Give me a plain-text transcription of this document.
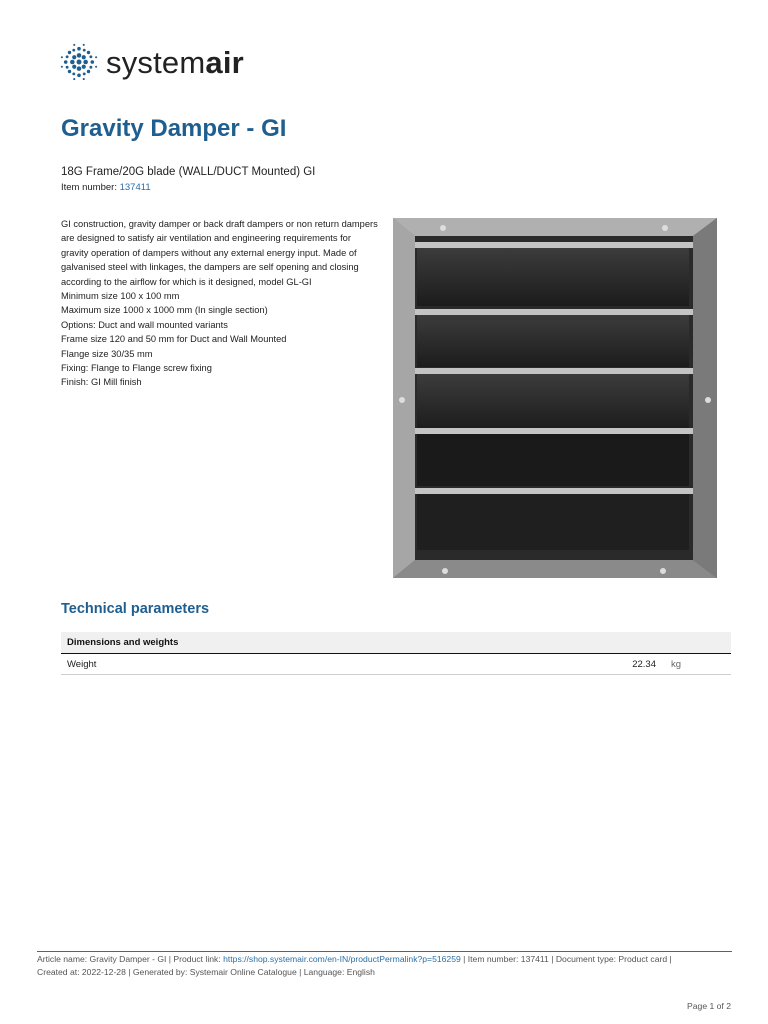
systemair
Gravity Damper - GI
18G Frame/20G blade (WALL/DUCT Mounted) GI
Item number: 137411

GI construction, gravity damper or back draft dampers or non return dampers are designed to satisfy air ventilation and engineering requirements for gravity operation of dampers without any external energy input. Made of galvanised steel with linkages, the dampers are self opening and closing according to the airflow for which is it designed, model GL-GI

Minimum size 100 x 100 mm

Maximum size 1000 x 1000 mm (In single section)

Options: Duct and wall mounted variants

Frame size 120 and 50 mm for Duct and Wall Mounted

Flange size 30/35 mm

Fixing: Flange to Flange screw fixing

Finish: GI Mill finish

Technical parameters
Dimensions and weights
Weight	22.34 kg
Article name: Gravity Damper - GI | Product link: https://shop.systemair.com/en-IN/productPermalink?p=516259 | Item number: 137411 | Document type: Product card |
Created at: 2022-12-28 | Generated by: Systemair Online Catalogue | Language: English
Page 1 of 2
